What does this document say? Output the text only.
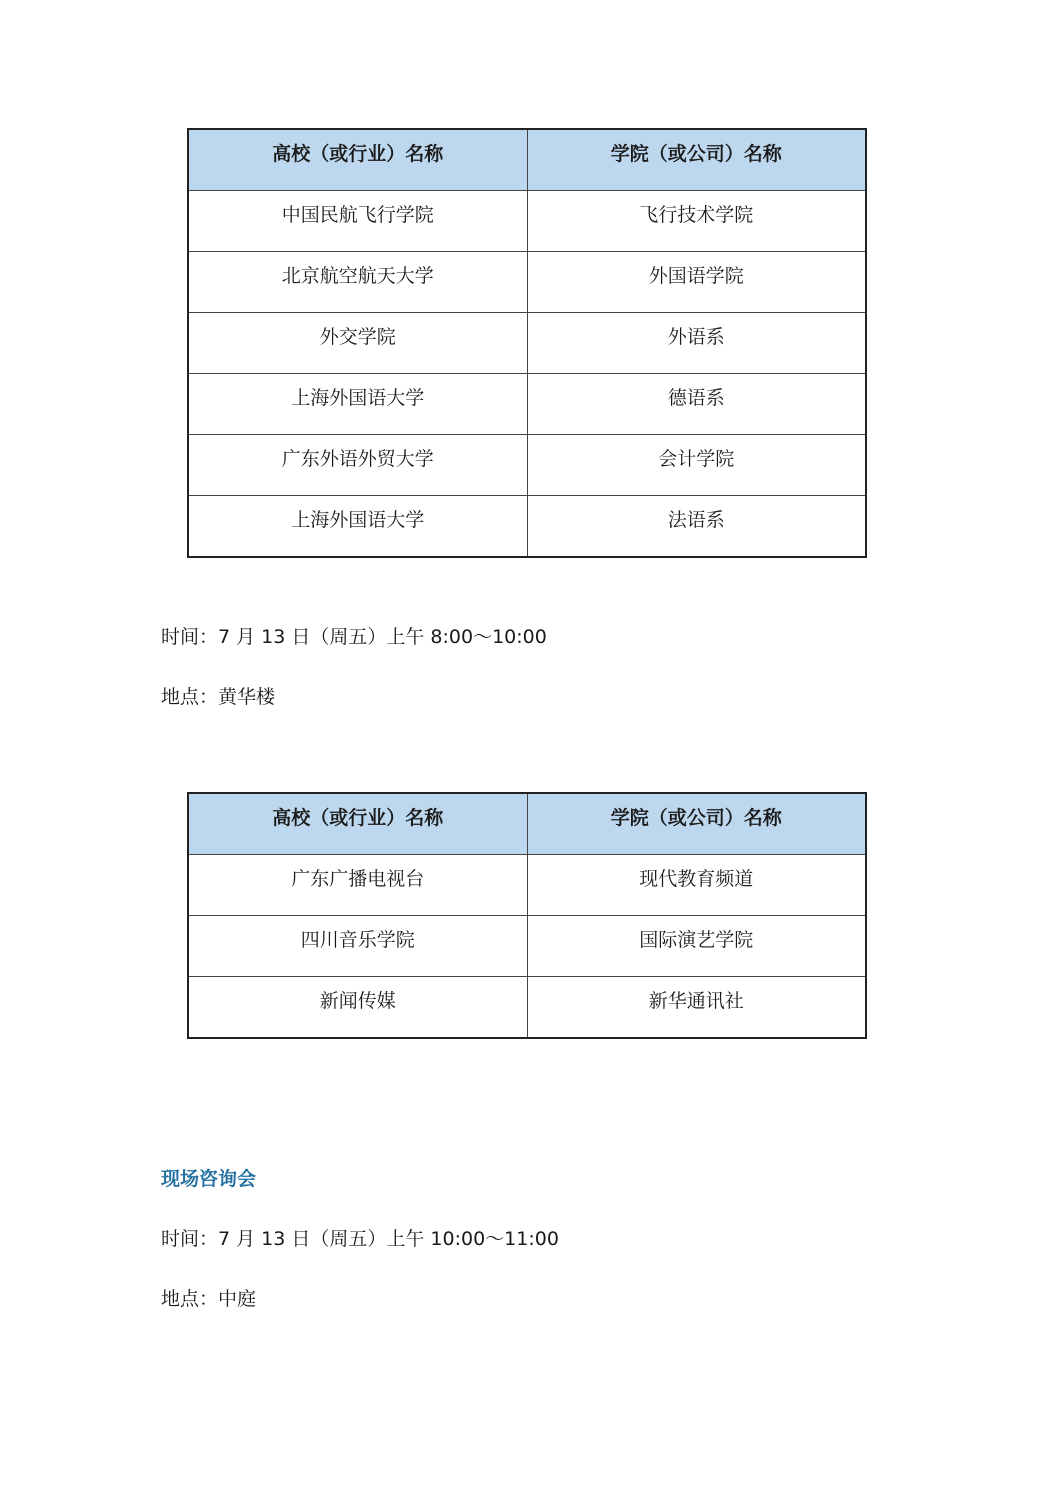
高校（或行业）名称	学院（或公司）名称
中国民航飞行学院	飞行技术学院
北京航空航天大学	外国语学院
外交学院	外语系
上海外国语大学	德语系
广东外语外贸大学	会计学院
上海外国语大学	法语系
时间：7 月 13 日（周五）上午 8:00～10:00
地点：黄华楼
高校（或行业）名称	学院（或公司）名称
广东广播电视台	现代教育频道
四川音乐学院	国际演艺学院
新闻传媒	新华通讯社
现场咨询会
时间：7 月 13 日（周五）上午 10:00～11:00
地点：中庭
